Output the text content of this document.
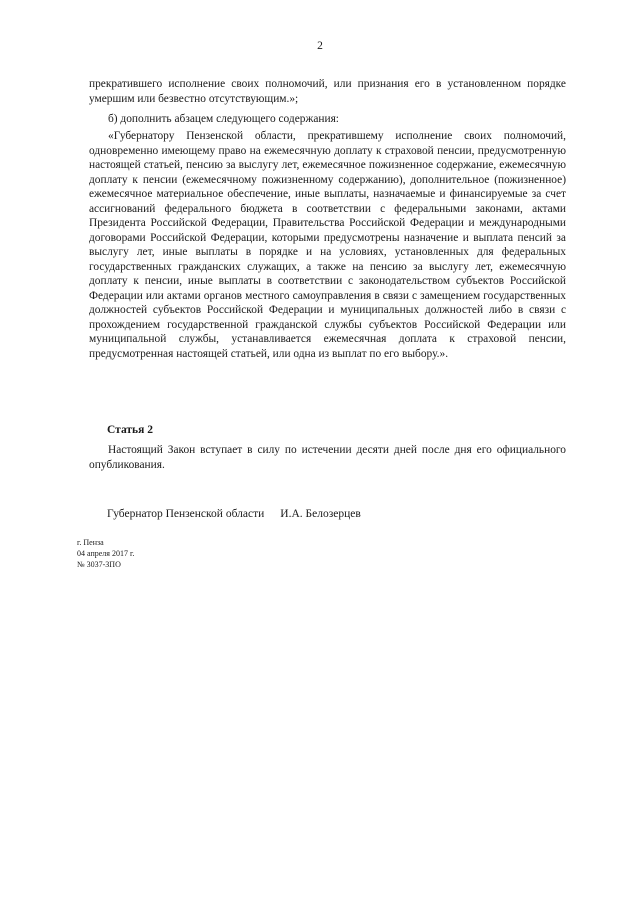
2

прекратившего исполнение своих полномочий, или признания его в установленном порядке умершим или безвестно отсутствующим.»;

б) дополнить абзацем следующего содержания:

«Губернатору Пензенской области, прекратившему исполнение своих полномочий, одновременно имеющему право на ежемесячную доплату к страховой пенсии, предусмотренную настоящей статьей, пенсию за выслугу лет, ежемесячное пожизненное содержание, ежемесячную доплату к пенсии (ежемесячному пожизненному содержанию), дополнительное (пожизненное) ежемесячное материальное обеспечение, иные выплаты, назначаемые и финансируемые за счет ассигнований федерального бюджета в соответствии с федеральными законами, актами Президента Российской Федерации, Правительства Российской Федерации и международными договорами Российской Федерации, которыми предусмотрены назначение и выплата пенсий за выслугу лет, иные выплаты в порядке и на условиях, установленных для федеральных государственных гражданских служащих, а также на пенсию за выслугу лет, ежемесячную доплату к пенсии, иные выплаты в соответствии с законодательством субъектов Российской Федерации или актами органов местного самоуправления в связи с замещением государственных должностей субъектов Российской Федерации и муниципальных должностей либо в связи с прохождением государственной гражданской службы субъектов Российской Федерации или муниципальной службы, устанавливается ежемесячная доплата к страховой пенсии, предусмотренная настоящей статьей, или одна из выплат по его выбору.».

Статья 2

Настоящий Закон вступает в силу по истечении десяти дней после дня его официального опубликования.

Губернатор Пензенской области И.А. Белозерцев
г. Пенза
04 апреля 2017 г.
№ 3037-ЗПО
